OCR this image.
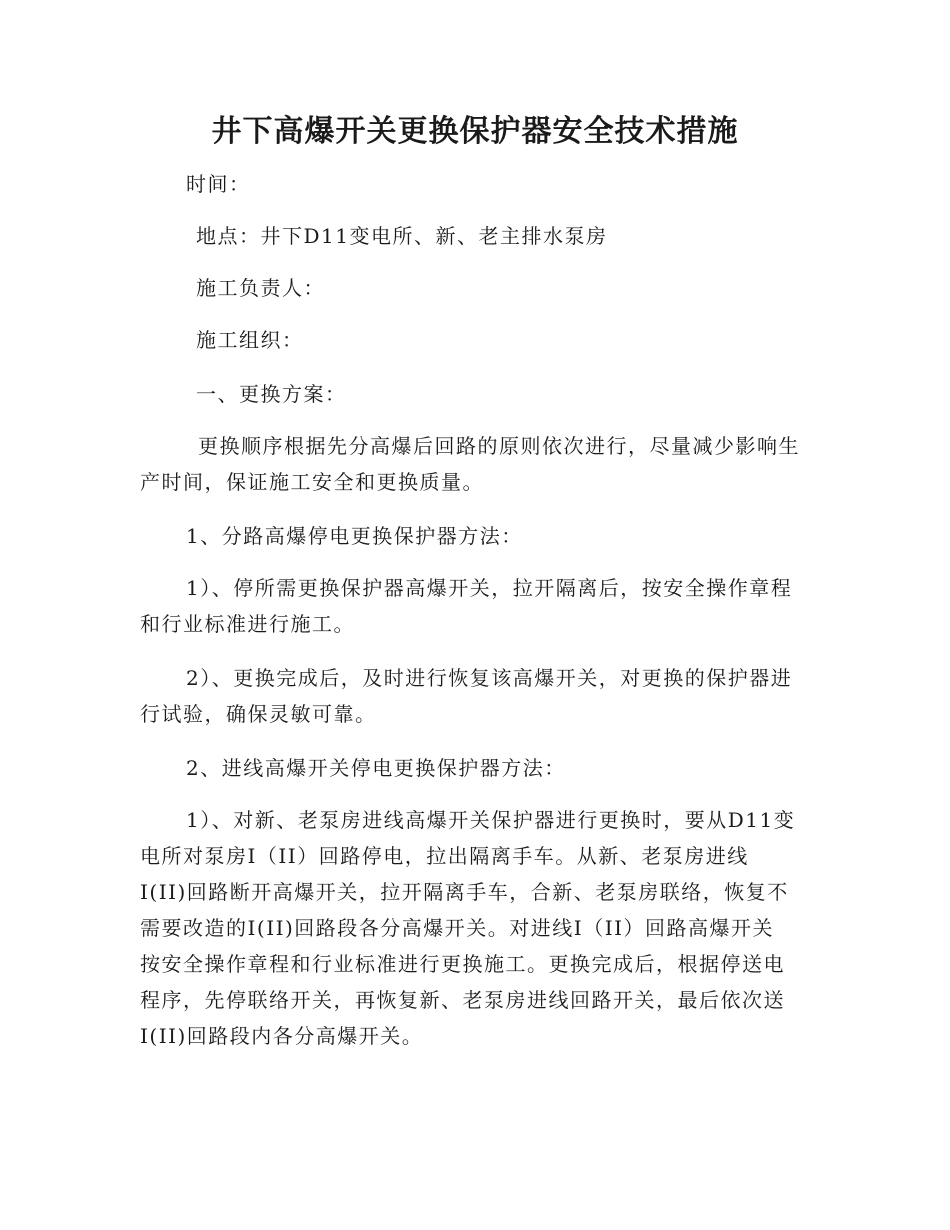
井下高爆开关更换保护器安全技术措施
时间：
地点：井下D11变电所、新、老主排水泵房
施工负责人：
施工组织：
一、更换方案：
更换顺序根据先分高爆后回路的原则依次进行，尽量减少影响生
产时间，保证施工安全和更换质量。
1、分路高爆停电更换保护器方法：
1）、停所需更换保护器高爆开关，拉开隔离后，按安全操作章程
和行业标准进行施工。
2）、更换完成后，及时进行恢复该高爆开关，对更换的保护器进
行试验，确保灵敏可靠。
2、进线高爆开关停电更换保护器方法：
1）、对新、老泵房进线高爆开关保护器进行更换时，要从D11变
电所对泵房Ⅰ（II）回路停电，拉出隔离手车。从新、老泵房进线
I(II)回路断开高爆开关，拉开隔离手车，合新、老泵房联络，恢复不
需要改造的I(II)回路段各分高爆开关。对进线Ⅰ（II）回路高爆开关
按安全操作章程和行业标准进行更换施工。更换完成后，根据停送电
程序，先停联络开关，再恢复新、老泵房进线回路开关，最后依次送
I(II)回路段内各分高爆开关。
